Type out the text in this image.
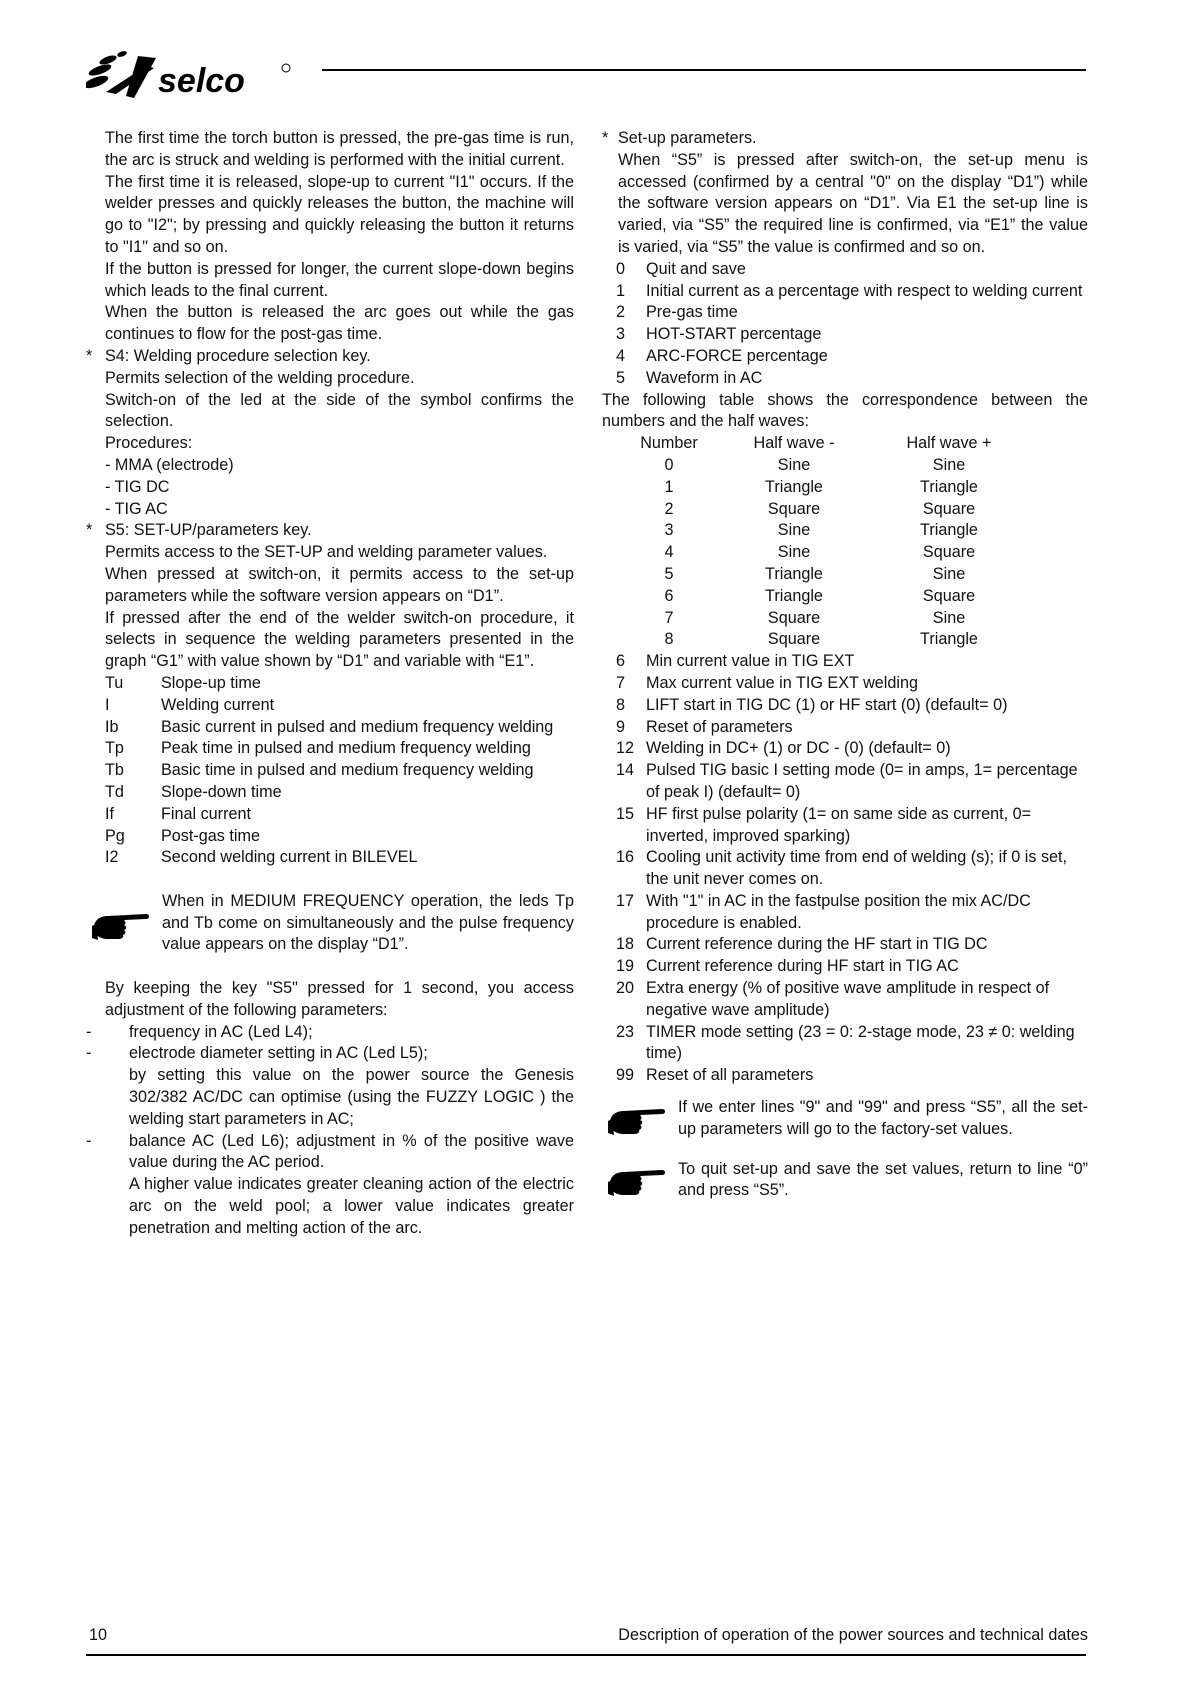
selco

The first time the torch button is pressed, the pre-gas time is run, the arc is struck and welding is performed with the initial current.

The first time it is released, slope-up to current "I1" occurs. If the welder presses and quickly releases the button, the machine will go to "I2"; by pressing and quickly releasing the button it returns to "I1" and so on.

If the button is pressed for longer, the current slope-down begins which leads to the final current.

When the button is released the arc goes out while the gas continues to flow for the post-gas time.

* S4: Welding procedure selection key.

Permits selection of the welding procedure.

Switch-on of the led at the side of the symbol confirms the selection.

Procedures:

- MMA (electrode)

- TIG DC

- TIG AC

* S5: SET-UP/parameters key.

Permits access to the SET-UP and welding parameter values.

When pressed at switch-on, it permits access to the set-up parameters while the software version appears on “D1”.

If pressed after the end of the welder switch-on procedure, it selects in sequence the welding parameters presented in the graph “G1” with value shown by “D1” and variable with “E1”.

Tu	Slope-up time
I	Welding current
Ib	Basic current in pulsed and medium frequency welding
Tp	Peak time in pulsed and medium frequency welding
Tb	Basic time in pulsed and medium frequency welding
Td	Slope-down time
If	Final current
Pg	Post-gas time
I2	Second welding current in BILEVEL
When in MEDIUM FREQUENCY operation, the leds Tp and Tb come on simultaneously and the pulse frequency value appears on the display “D1”.

By keeping the key "S5" pressed for 1 second, you access adjustment of the following parameters:

-	frequency in AC (Led L4);
-	electrode diameter setting in AC (Led L5);

by setting this value on the power source the Genesis 302/382 AC/DC can optimise (using the FUZZY LOGIC ) the welding start parameters in AC;

-	balance AC (Led L6); adjustment in % of the positive wave value during the AC period.

A higher value indicates greater cleaning action of the electric arc on the weld pool; a lower value indicates greater penetration and melting action of the arc.

* Set-up parameters.

When “S5” is pressed after switch-on, the set-up menu is accessed (confirmed by a central "0" on the display “D1”) while the software version appears on “D1”. Via E1 the set-up line is varied, via “S5” the required line is confirmed, via “E1” the value is varied, via “S5” the value is confirmed and so on.

0	Quit and save
1	Initial current as a percentage with respect to welding current
2	Pre-gas time
3	HOT-START percentage
4	ARC-FORCE percentage
5	Waveform in AC

The following table shows the correspondence between the numbers and the half waves:

Number	Half wave -	Half wave +
0	Sine	Sine
1	Triangle	Triangle
2	Square	Square
3	Sine	Triangle
4	Sine	Square
5	Triangle	Sine
6	Triangle	Square
7	Square	Sine
8	Square	Triangle
6	Min current value in TIG EXT
7	Max current value in TIG EXT welding
8	LIFT start in TIG DC (1) or HF start (0) (default= 0)
9	Reset of parameters
12 Welding in DC+ (1) or DC - (0) (default= 0)
14 Pulsed TIG basic I setting mode (0= in amps, 1= percentage of peak I) (default= 0)
15 HF first pulse polarity (1= on same side as current, 0= inverted, improved sparking)
16 Cooling unit activity time from end of welding (s); if 0 is set, the unit never comes on.
17 With "1" in AC in the fastpulse position the mix AC/DC procedure is enabled.
18 Current reference during the HF start in TIG DC
19 Current reference during HF start in TIG AC
20 Extra energy (% of positive wave amplitude in respect of negative wave amplitude)
23 TIMER mode setting (23 = 0: 2-stage mode, 23 ≠ 0: welding time)
99 Reset of all parameters
If we enter lines "9" and "99" and press “S5”, all the set-up parameters will go to the factory-set values.
To quit set-up and save the set values, return to line “0” and press “S5”.
10	Description of operation of the power sources and technical dates
